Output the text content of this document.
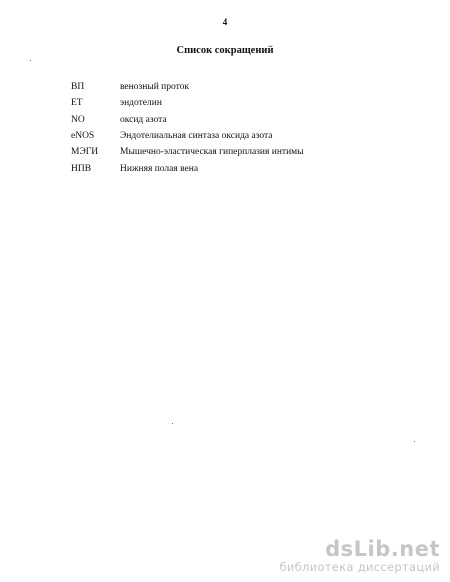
4
Список сокращений
ВП	венозный проток
ЕТ	эндотелин
NO	оксид азота
eNOS	Эндотелиальная синтаза оксида азота
МЭГИ	Мышечно-эластическая гиперплазия интимы
НПВ	Нижняя полая вена
dsLib.net
библиотека диссертаций
